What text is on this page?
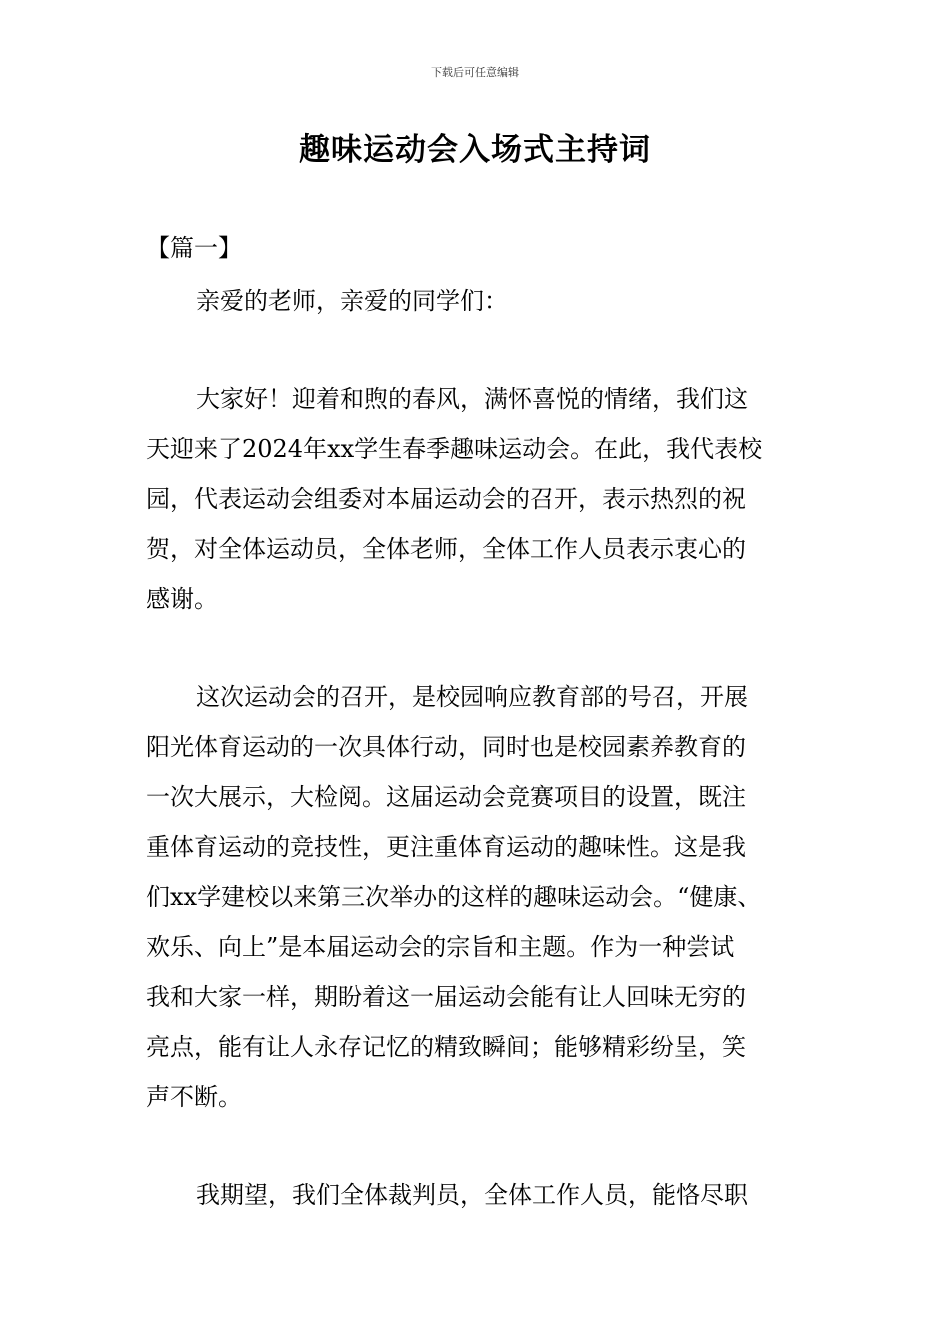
下载后可任意编辑
趣味运动会入场式主持词
【篇一】
亲爱的老师，亲爱的同学们：
大家好！迎着和煦的春风，满怀喜悦的情绪，我们这
天迎来了2024年xx学生春季趣味运动会。在此，我代表校
园，代表运动会组委对本届运动会的召开，表示热烈的祝
贺，对全体运动员，全体老师，全体工作人员表示衷心的
感谢。
这次运动会的召开，是校园响应教育部的号召，开展
阳光体育运动的一次具体行动，同时也是校园素养教育的
一次大展示，大检阅。这届运动会竞赛项目的设置，既注
重体育运动的竞技性，更注重体育运动的趣味性。这是我
们xx学建校以来第三次举办的这样的趣味运动会。“健康、
欢乐、向上”是本届运动会的宗旨和主题。作为一种尝试
我和大家一样，期盼着这一届运动会能有让人回味无穷的
亮点，能有让人永存记忆的精致瞬间；能够精彩纷呈，笑
声不断。
我期望，我们全体裁判员，全体工作人员，能恪尽职
